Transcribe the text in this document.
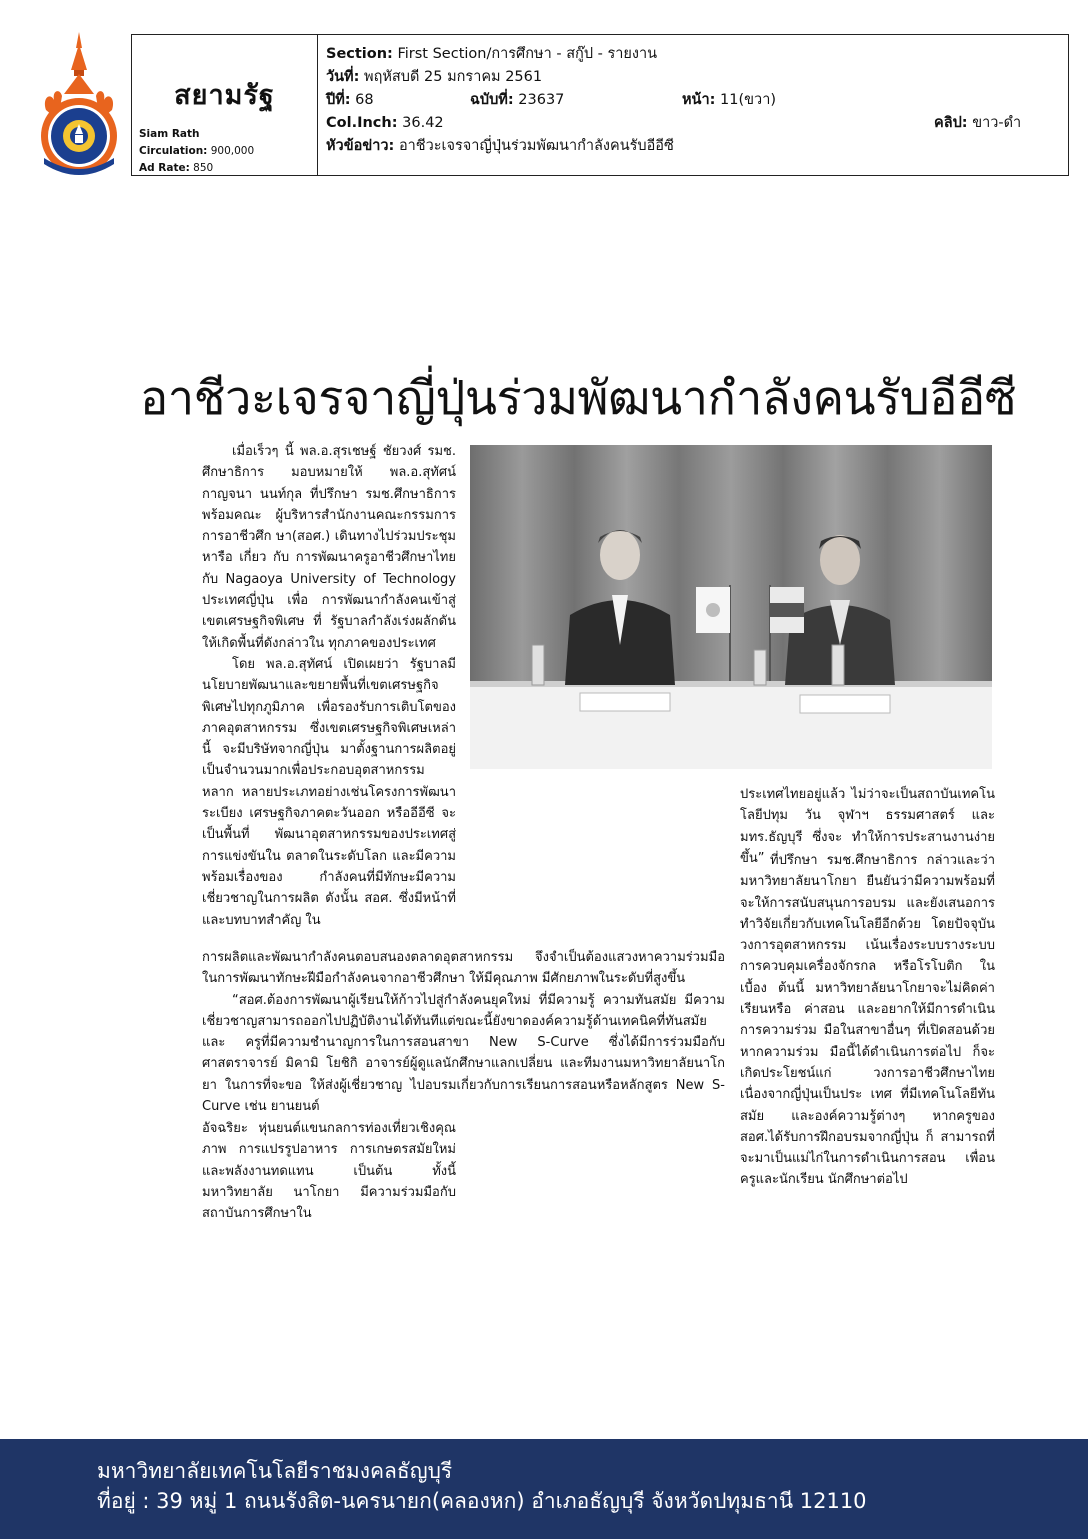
สยามรัฐ
Siam Rath
Circulation: 900,000
Ad Rate: 850
Section: First Section/การศึกษา - สกู๊ป - รายงาน
วันที่: พฤหัสบดี 25 มกราคม 2561
ปีที่: 68	ฉบับที่: 23637	หน้า: 11(ขวา)
Col.Inch: 36.42	คลิป: ขาว-ดำ
หัวข้อข่าว: อาชีวะเจรจาญี่ปุ่นร่วมพัฒนากำลังคนรับอีอีซี
อาชีวะเจรจาญี่ปุ่นร่วมพัฒนากำลังคนรับอีอีซี

เมื่อเร็วๆ นี้ พล.อ.สุรเชษฐ์ ชัยวงศ์ รมช. ศึกษาธิการ มอบหมายให้ พล.อ.สุทัศน์ กาญจนา นนท์กุล ที่ปรึกษา รมช.ศึกษาธิการ พร้อมคณะ ผู้บริหารสำนักงานคณะกรรมการการอาชีวศึก ษา(สอศ.) เดินทางไปร่วมประชุมหารือ เกี่ยว กับ การพัฒนาครูอาชีวศึกษาไทย กับ Nagaoya University of Technology ประเทศญี่ปุ่น เพื่อ การพัฒนากำลังคนเข้าสู่เขตเศรษฐกิจพิเศษ ที่ รัฐบาลกำลังเร่งผลักดันให้เกิดพื้นที่ดังกล่าวใน ทุกภาคของประเทศ

โดย พล.อ.สุทัศน์ เปิดเผยว่า รัฐบาลมี นโยบายพัฒนาและขยายพื้นที่เขตเศรษฐกิจ พิเศษไปทุกภูมิภาค เพื่อรองรับการเติบโตของ ภาคอุตสาหกรรม ซึ่งเขตเศรษฐกิจพิเศษเหล่า นี้ จะมีบริษัทจากญี่ปุ่น มาตั้งฐานการผลิตอยู่ เป็นจำนวนมากเพื่อประกอบอุตสาหกรรมหลาก หลายประเภทอย่างเช่นโครงการพัฒนาระเบียง เศรษฐกิจภาคตะวันออก หรืออีอีซี จะเป็นพื้นที่ พัฒนาอุตสาหกรรมของประเทศสู่การแข่งขันใน ตลาดในระดับโลก และมีความพร้อมเรื่องของ กำลังคนที่มีทักษะมีความเชี่ยวชาญในการผลิต ดังนั้น สอศ. ซึ่งมีหน้าที่และบทบาทสำคัญ ใน

ประเทศไทยอยู่แล้ว ไม่ว่าจะเป็นสถาบันเทคโน โลยีปทุม วัน จุฬาฯ ธรรมศาสตร์ และ มทร.ธัญบุรี ซึ่งจะ ทำให้การประสานงานง่ายขึ้น”

การผลิตและพัฒนากำลังคนตอบสนองตลาดอุตสาหกรรม จึงจำเป็นต้องแสวงหาความร่วมมือ ในการพัฒนาทักษะฝีมือกำลังคนจากอาชีวศึกษา ให้มีคุณภาพ มีศักยภาพในระดับที่สูงขึ้น

“สอศ.ต้องการพัฒนาผู้เรียนให้ก้าวไปสู่กำลังคนยุคใหม่ ที่มีความรู้ ความทันสมัย มีความ เชี่ยวชาญสามารถออกไปปฏิบัติงานได้ทันทีแต่ขณะนี้ยังขาดองค์ความรู้ด้านเทคนิคที่ทันสมัย และ ครูที่มีความชำนาญการในการสอนสาขา New S-Curve ซึ่งได้มีการร่วมมือกับ ศาสตราจารย์ มิคามิ โยชิกิ อาจารย์ผู้ดูแลนักศึกษาแลกเปลี่ยน และทีมงานมหาวิทยาลัยนาโกยา ในการที่จะขอ ให้ส่งผู้เชี่ยวชาญ ไปอบรมเกี่ยวกับการเรียนการสอนหรือหลักสูตร New S-Curve เช่น ยานยนต์

ที่ปรึกษา รมช.ศึกษาธิการ กล่าวและว่า มหาวิทยาลัยนาโกยา ยืนยันว่ามีความพร้อมที่ จะให้การสนับสนุนการอบรม และยังเสนอการ ทำวิจัยเกี่ยวกับเทคโนโลยีอีกด้วย โดยปัจจุบัน วงการอุตสาหกรรม เน้นเรื่องระบบรางระบบ การควบคุมเครื่องจักรกล หรือโรโบติก ในเบื้อง ต้นนี้ มหาวิทยาลัยนาโกยาจะไม่คิดค่าเรียนหรือ ค่าสอน และอยากให้มีการดำเนินการความร่วม มือในสาขาอื่นๆ ที่เปิดสอนด้วย หากความร่วม มือนี้ได้ดำเนินการต่อไป ก็จะเกิดประโยชน์แก่ วงการอาชีวศึกษาไทย เนื่องจากญี่ปุ่นเป็นประ เทศ ที่มีเทคโนโลยีทันสมัย และองค์ความรู้ต่างๆ หากครูของ สอศ.ได้รับการฝึกอบรมจากญี่ปุ่น ก็ สามารถที่จะมาเป็นแม่ไก่ในการดำเนินการสอน เพื่อนครูและนักเรียน นักศึกษาต่อไป

อัจฉริยะ หุ่นยนต์แขนกลการท่องเที่ยวเชิงคุณ ภาพ การแปรรูปอาหาร การเกษตรสมัยใหม่ และพลังงานทดแทน เป็นต้น ทั้งนี้ มหาวิทยาลัย นาโกยา มีความร่วมมือกับสถาบันการศึกษาใน

มหาวิทยาลัยเทคโนโลยีราชมงคลธัญบุรี
ที่อยู่ : 39 หมู่ 1 ถนนรังสิต-นครนายก(คลองหก) อำเภอธัญบุรี จังหวัดปทุมธานี 12110
